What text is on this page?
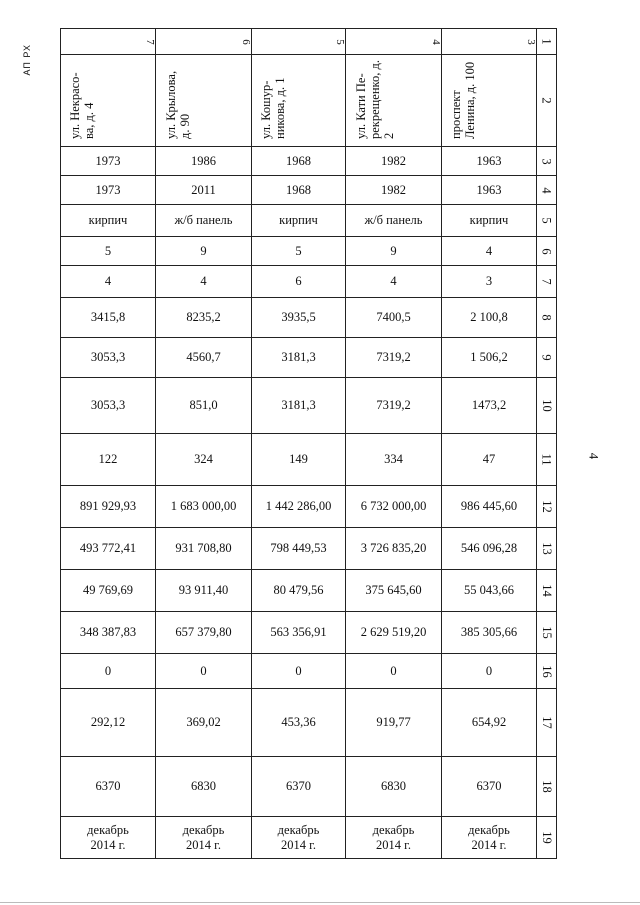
АП РХ
4
7	6	5	4	3	1

ул. Некрасо-ва, д. 4	ул. Крылова, д. 90	ул. Кошур-никова, д. 1	ул. Кати Пе-рекрещенко, д. 2	проспект Ленина, д. 100	2
1973	1986	1968	1982	1963	3
1973	2011	1968	1982	1963	4
кирпич	ж/б панель	кирпич	ж/б панель	кирпич	5
5	9	5	9	4	6
4	4	6	4	3	7
3415,8	8235,2	3935,5	7400,5	2 100,8	8
3053,3	4560,7	3181,3	7319,2	1 506,2	9
3053,3	851,0	3181,3	7319,2	1473,2	10
122	324	149	334	47	11
891 929,93	1 683 000,00	1 442 286,00	6 732 000,00	986 445,60	12
493 772,41	931 708,80	798 449,53	3 726 835,20	546 096,28	13
49 769,69	93 911,40	80 479,56	375 645,60	55 043,66	14
348 387,83	657 379,80	563 356,91	2 629 519,20	385 305,66	15
0	0	0	0	0	16
292,12	369,02	453,36	919,77	654,92	17
6370	6830	6370	6830	6370	18
декабрь 2014 г.	декабрь 2014 г.	декабрь 2014 г.	декабрь 2014 г.	декабрь 2014 г.	19
